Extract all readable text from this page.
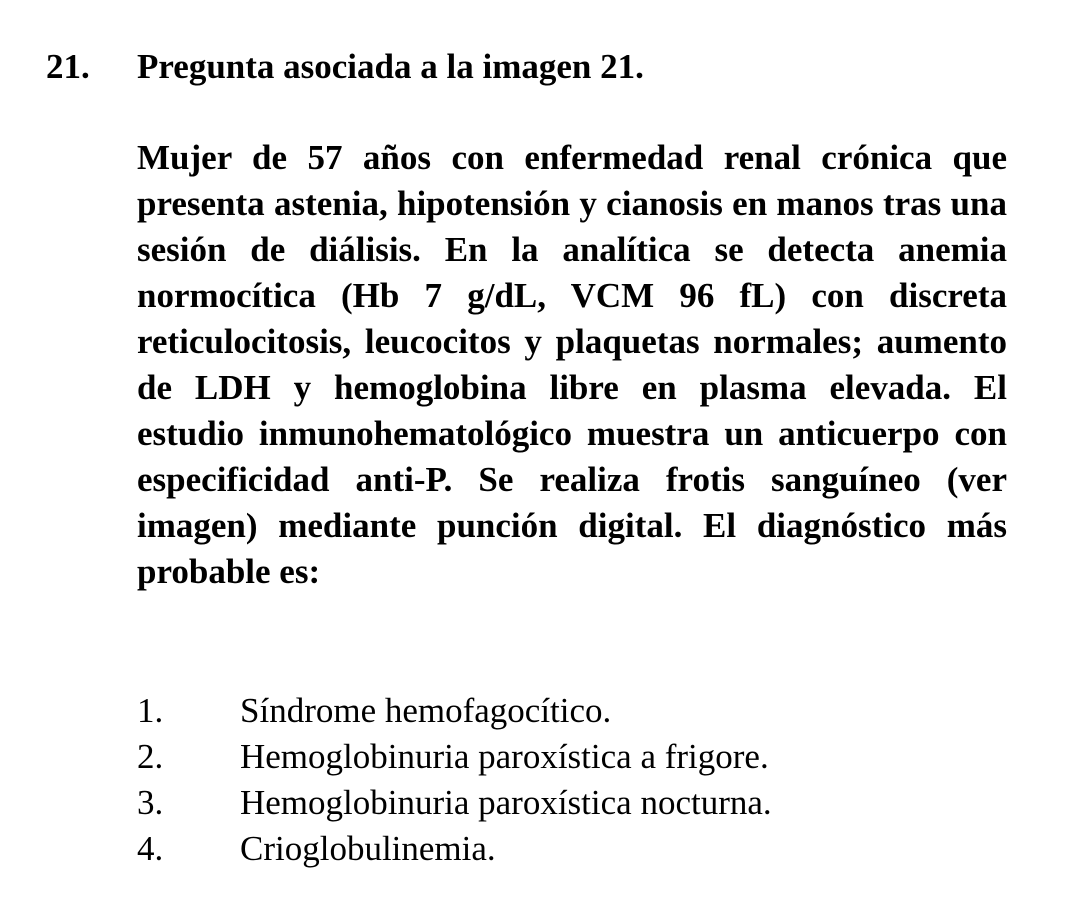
21. Pregunta asociada a la imagen 21.

Mujer de 57 años con enfermedad renal crónica que presenta astenia, hipotensión y cianosis en manos tras una sesión de diálisis. En la analítica se detecta anemia normocítica (Hb 7 g/dL, VCM 96 fL) con discreta reticulocitosis, leucocitos y plaquetas normales; aumento de LDH y hemoglobina libre en plasma elevada. El estudio inmunohematológico muestra un anticuerpo con especificidad anti-P. Se realiza frotis sanguíneo (ver imagen) mediante punción digital. El diagnóstico más probable es:

1.	Síndrome hemofagocítico.
2.	Hemoglobinuria paroxística a frigore.
3.	Hemoglobinuria paroxística nocturna.
4.	Crioglobulinemia.
